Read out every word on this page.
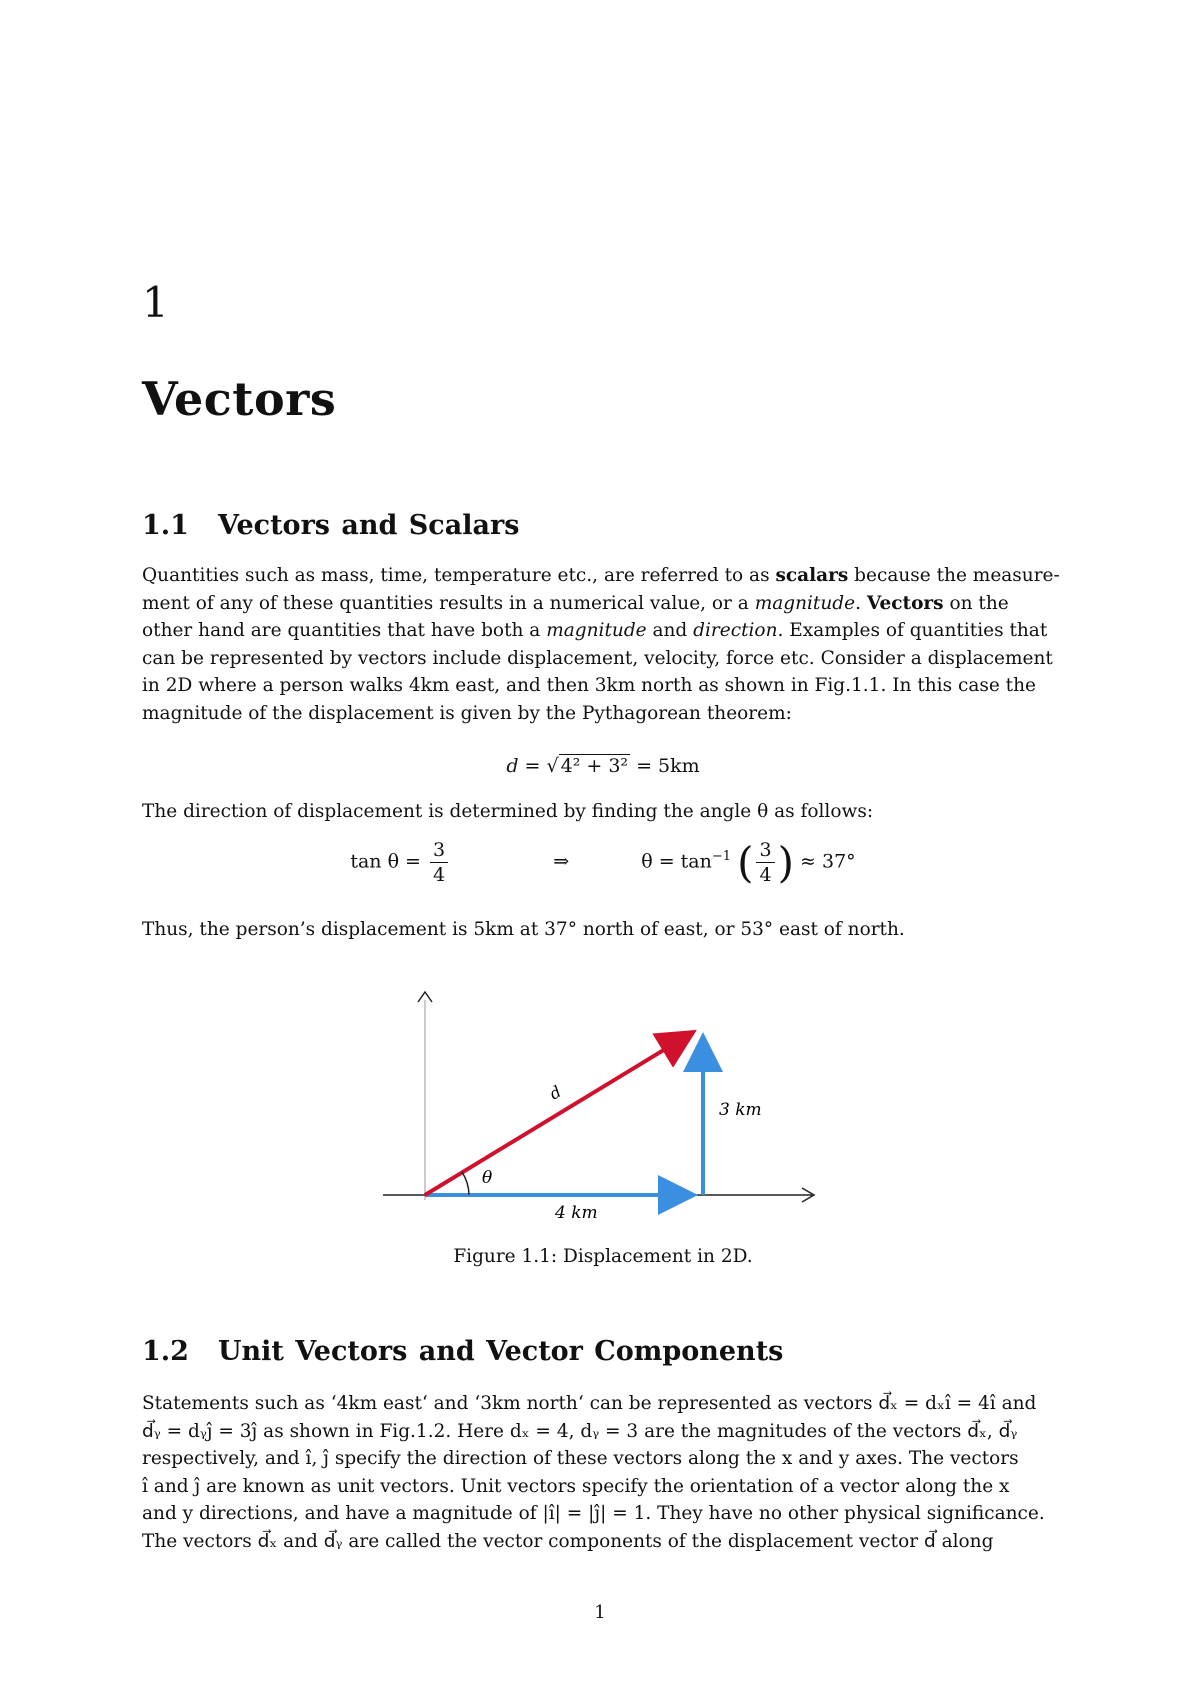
1
Vectors
1.1 Vectors and Scalars
Quantities such as mass, time, temperature etc., are referred to as scalars because the measure-
ment of any of these quantities results in a numerical value, or a magnitude. Vectors on the
other hand are quantities that have both a magnitude and direction. Examples of quantities that
can be represented by vectors include displacement, velocity, force etc. Consider a displacement
in 2D where a person walks 4km east, and then 3km north as shown in Fig.1.1. In this case the
magnitude of the displacement is given by the Pythagorean theorem:
d = √ 4² + 3² = 5km
The direction of displacement is determined by finding the angle θ as follows:
$\tan \theta = \frac{3}{4}$	⇒	$\theta = \tan^{-1}$ ( $\frac{3}{4}$ ) ≈ 37°
Thus, the person’s displacement is 5km at 37° north of east, or 53° east of north.
θ
d
3 km
4 km
Figure 1.1: Displacement in 2D.
1.2 Unit Vectors and Vector Components
Statements such as ‘4km east‘ and ‘3km north‘ can be represented as vectors d⃗ₓ = dₓî = 4î and
d⃗ᵧ = dᵧĵ = 3ĵ as shown in Fig.1.2. Here dₓ = 4, dᵧ = 3 are the magnitudes of the vectors d⃗ₓ, d⃗ᵧ
respectively, and î, ĵ specify the direction of these vectors along the x and y axes. The vectors
î and ĵ are known as unit vectors. Unit vectors specify the orientation of a vector along the x
and y directions, and have a magnitude of |î| = |ĵ| = 1. They have no other physical significance.
The vectors d⃗ₓ and d⃗ᵧ are called the vector components of the displacement vector d⃗ along
1
